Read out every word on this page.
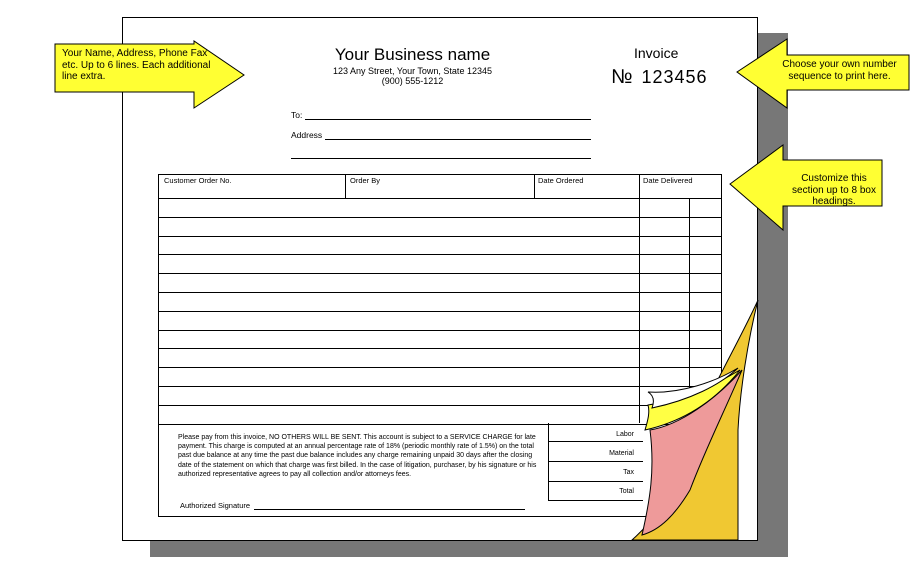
Your Business name
123 Any Street, Your Town, State 12345
(900) 555-1212
Invoice
№ 123456
To:
Address
Customer Order No.	Order By	Date Ordered	Date Delivered
Labor
Material
Tax
Total
Please pay from this invoice, NO OTHERS WILL BE SENT. This account is subject to a SERVICE CHARGE for late payment. This charge is computed at an annual percentage rate of 18% (periodic monthly rate of 1.5%) on the total past due balance at any time the past due balance includes any charge remaining unpaid 30 days after the closing date of the statement on which that charge was first billed. In the case of litigation, purchaser, by his signature or his authorized representative agrees to pay all collection and/or attorneys fees.
Authorized Signature
Your Name, Address, Phone Fax etc. Up to 6 lines. Each additional line extra.
Choose your own number sequence to print here.
Customize this section up to 8 box headings.
